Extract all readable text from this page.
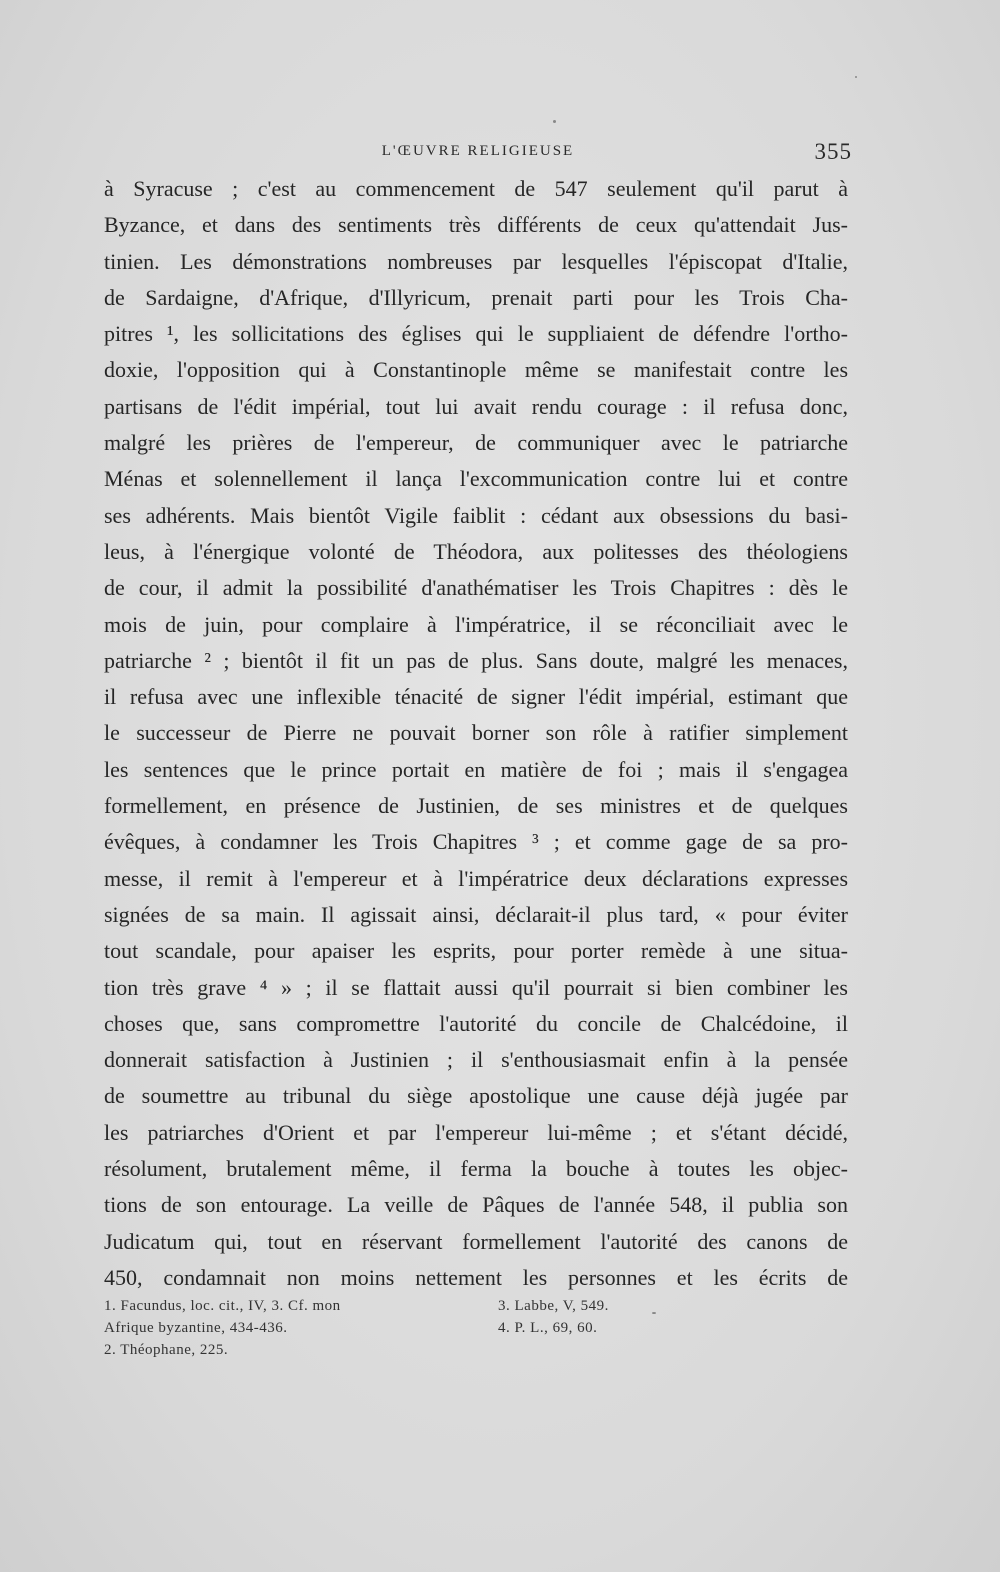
L'ŒUVRE RELIGIEUSE	355
à Syracuse ; c'est au commencement de 547 seulement qu'il parut à
Byzance, et dans des sentiments très différents de ceux qu'attendait Jus-
tinien. Les démonstrations nombreuses par lesquelles l'épiscopat d'Italie,
de Sardaigne, d'Afrique, d'Illyricum, prenait parti pour les Trois Cha-
pitres ¹, les sollicitations des églises qui le suppliaient de défendre l'ortho-
doxie, l'opposition qui à Constantinople même se manifestait contre les
partisans de l'édit impérial, tout lui avait rendu courage : il refusa donc,
malgré les prières de l'empereur, de communiquer avec le patriarche
Ménas et solennellement il lança l'excommunication contre lui et contre
ses adhérents. Mais bientôt Vigile faiblit : cédant aux obsessions du basi-
leus, à l'énergique volonté de Théodora, aux politesses des théologiens
de cour, il admit la possibilité d'anathématiser les Trois Chapitres : dès le
mois de juin, pour complaire à l'impératrice, il se réconciliait avec le
patriarche ² ; bientôt il fit un pas de plus. Sans doute, malgré les menaces,
il refusa avec une inflexible ténacité de signer l'édit impérial, estimant que
le successeur de Pierre ne pouvait borner son rôle à ratifier simplement
les sentences que le prince portait en matière de foi ; mais il s'engagea
formellement, en présence de Justinien, de ses ministres et de quelques
évêques, à condamner les Trois Chapitres ³ ; et comme gage de sa pro-
messe, il remit à l'empereur et à l'impératrice deux déclarations expresses
signées de sa main. Il agissait ainsi, déclarait-il plus tard, « pour éviter
tout scandale, pour apaiser les esprits, pour porter remède à une situa-
tion très grave ⁴ » ; il se flattait aussi qu'il pourrait si bien combiner les
choses que, sans compromettre l'autorité du concile de Chalcédoine, il
donnerait satisfaction à Justinien ; il s'enthousiasmait enfin à la pensée
de soumettre au tribunal du siège apostolique une cause déjà jugée par
les patriarches d'Orient et par l'empereur lui-même ; et s'étant décidé,
résolument, brutalement même, il ferma la bouche à toutes les objec-
tions de son entourage. La veille de Pâques de l'année 548, il publia son
Judicatum qui, tout en réservant formellement l'autorité des canons de
450, condamnait non moins nettement les personnes et les écrits de
1. Facundus, loc. cit., IV, 3. Cf. mon
Afrique byzantine, 434-436.
2. Théophane, 225.
3. Labbe, V, 549.
4. P. L., 69, 60.
